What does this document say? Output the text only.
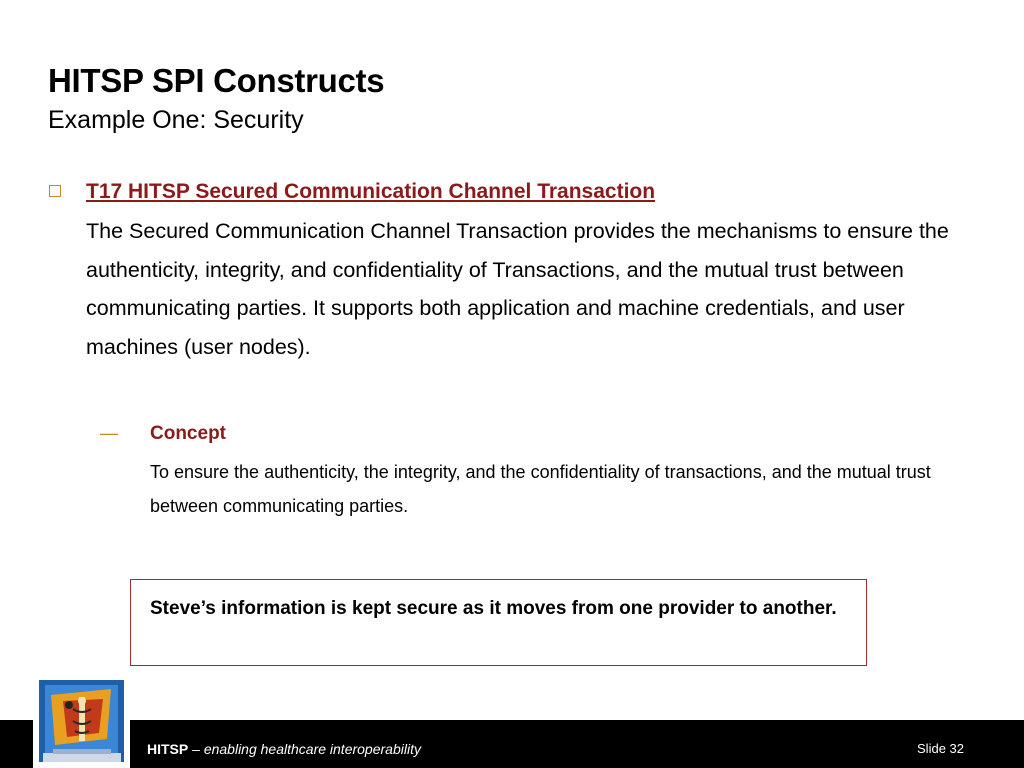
HITSP SPI Constructs
Example One: Security
T17 HITSP Secured Communication Channel Transaction
The Secured Communication Channel Transaction provides the mechanisms to ensure the authenticity, integrity, and confidentiality of Transactions, and the mutual trust between communicating parties. It supports both application and machine credentials, and user machines (user nodes).
— Concept
To ensure the authenticity, the integrity, and the confidentiality of transactions, and the mutual trust between communicating parties.
Steve’s information is kept secure as it moves from one provider to another.
HITSP – enabling healthcare interoperability	Slide 32
